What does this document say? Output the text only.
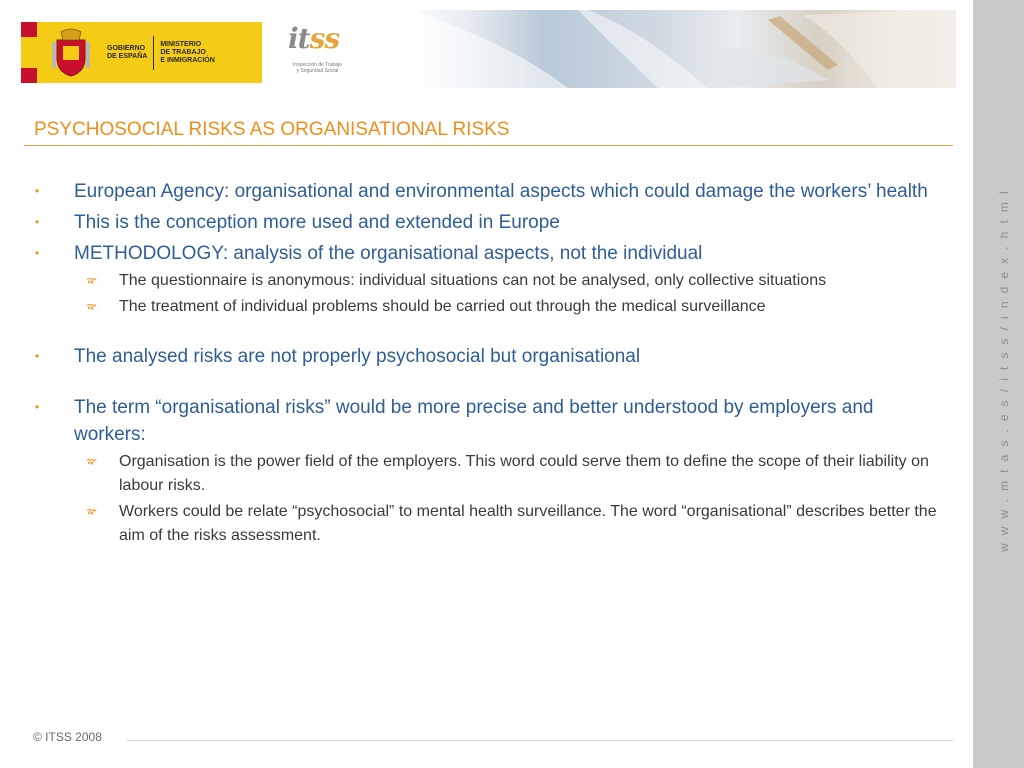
GOBIERNO
DE ESPAÑA
MINISTERIO
DE TRABAJO
E INMIGRACIÓN
itss
Inspección de Trabajo
y Seguridad Social
PSYCHOSOCIAL RISKS AS ORGANISATIONAL RISKS
• European Agency: organisational and environmental aspects which could damage the workers’ health
• This is the conception more used and extended in Europe
• METHODOLOGY: analysis of the organisational aspects, not the individual
ఞ The questionnaire is anonymous: individual situations can not be analysed, only collective situations
ఞ The treatment of individual problems should be carried out through the medical surveillance
• The analysed risks are not properly psychosocial but organisational
• The term “organisational risks” would be more precise and better understood by employers and workers:
ఞ Organisation is the power field of the employers. This word could serve them to define the scope of their liability on labour risks.
ఞ Workers could be relate “psychosocial” to mental health surveillance. The word “organisational” describes better the aim of the risks assessment.	www.mtas.es/itss/index.html
© ITSS 2008
